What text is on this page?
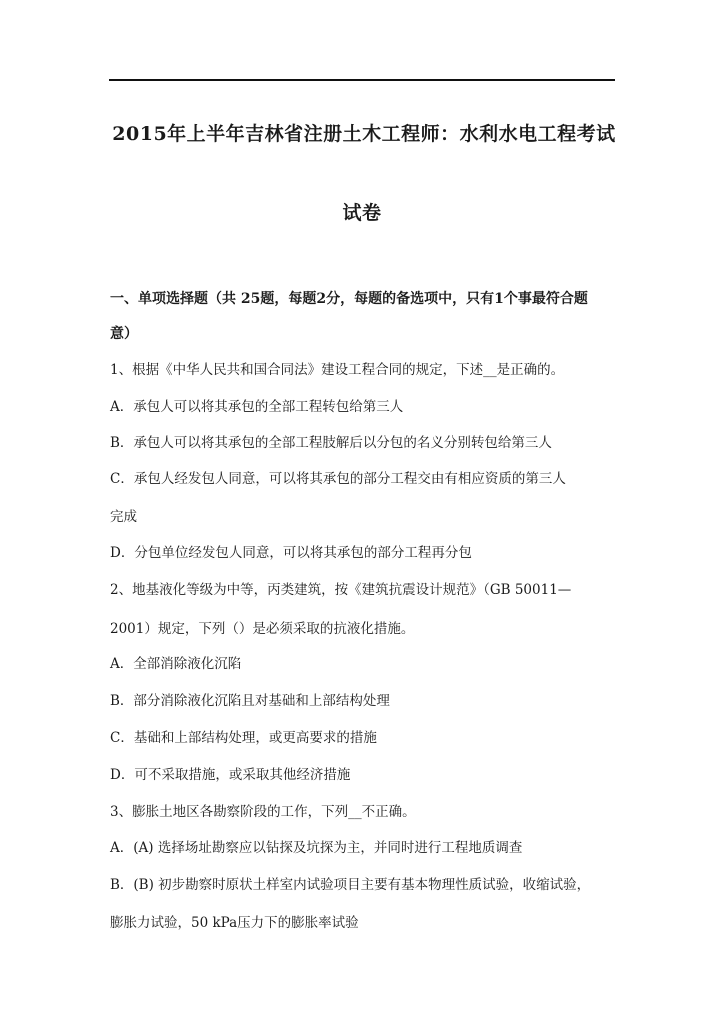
2015年上半年吉林省注册土木工程师：水利水电工程考试
试卷
一、单项选择题（共 25题，每题2分，每题的备选项中，只有1个事最符合题
意）
1、根据《中华人民共和国合同法》建设工程合同的规定，下述__是正确的。
A．承包人可以将其承包的全部工程转包给第三人
B．承包人可以将其承包的全部工程肢解后以分包的名义分别转包给第三人
C．承包人经发包人同意，可以将其承包的部分工程交由有相应资质的第三人
完成
D．分包单位经发包人同意，可以将其承包的部分工程再分包
2、地基液化等级为中等，丙类建筑，按《建筑抗震设计规范》（GB 50011—
2001）规定，下列（）是必须采取的抗液化措施。
A．全部消除液化沉陷
B．部分消除液化沉陷且对基础和上部结构处理
C．基础和上部结构处理，或更高要求的措施
D．可不采取措施，或采取其他经济措施
3、膨胀土地区各勘察阶段的工作，下列__不正确。
A．(A) 选择场址勘察应以钻探及坑探为主，并同时进行工程地质调查
B．(B) 初步勘察时原状土样室内试验项目主要有基本物理性质试验，收缩试验，
膨胀力试验，50 kPa压力下的膨胀率试验
